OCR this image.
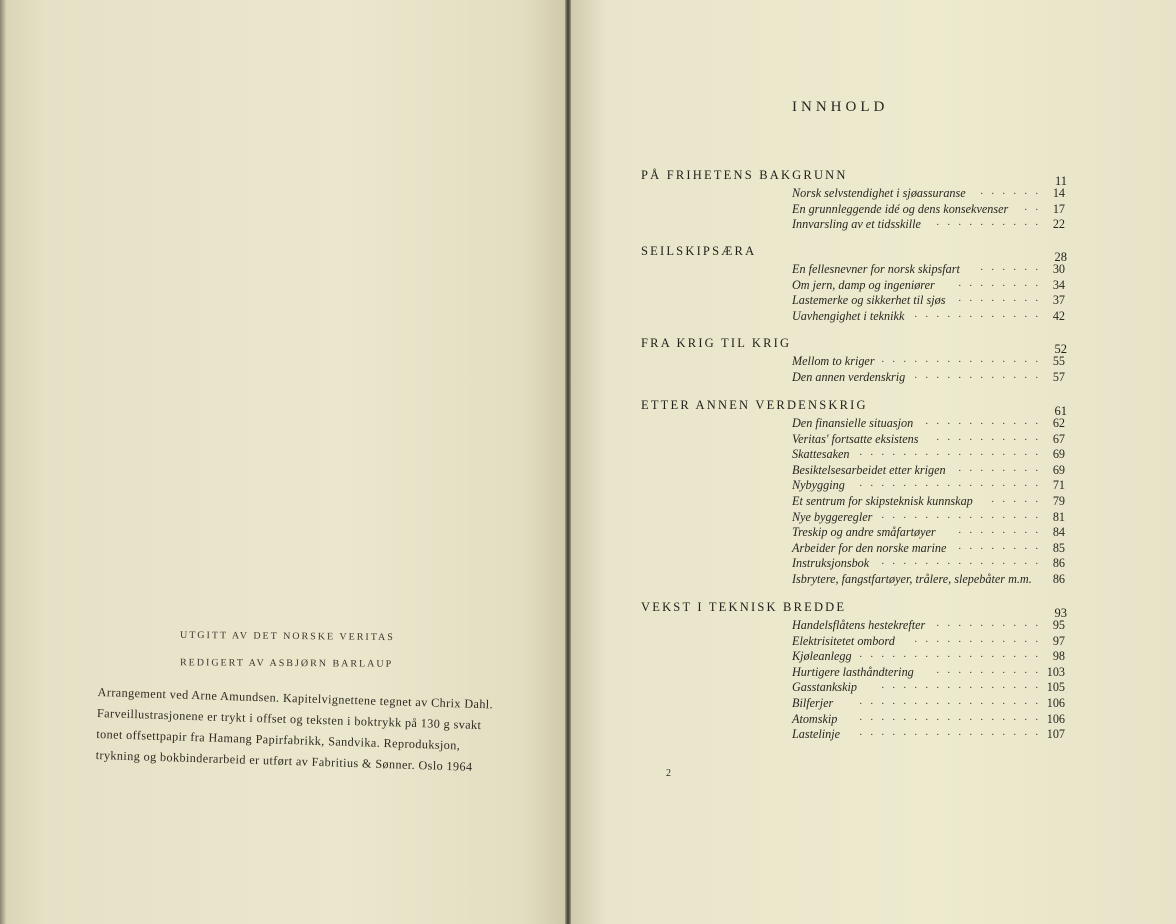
UTGITT AV DET NORSKE VERITAS
REDIGERT AV ASBJØRN BARLAUP
Arrangement ved Arne Amundsen. Kapitelvignettene tegnet av Chrix Dahl.
Farveillustrasjonene er trykt i offset og teksten i boktrykk på 130 g svakt
tonet offsettpapir fra Hamang Papirfabrikk, Sandvika. Reproduksjon,
trykning og bokbinderarbeid er utført av Fabritius & Sønner. Oslo 1964
INNHOLD
PÅ FRIHETENS BAKGRUNN	11
Norsk selvstendighet i sjøassuranse . . . . . . 14
En grunnleggende idé og dens konsekvenser . . 17
Innvarsling av et tidsskille . . . . . . . . . . 22
SEILSKIPSÆRA	28
En fellesnevner for norsk skipsfart . . . . . . 30
Om jern, damp og ingeniører . . . . . . . . 34
Lastemerke og sikkerhet til sjøs . . . . . . . . 37
Uavhengighet i teknikk . . . . . . . . . . . . 42
FRA KRIG TIL KRIG	52
Mellom to kriger . . . . . . . . . . . . . . . 55
Den annen verdenskrig . . . . . . . . . . . . 57
ETTER ANNEN VERDENSKRIG	61
Den finansielle situasjon . . . . . . . . . . . 62
Veritas' fortsatte eksistens . . . . . . . . . . 67
Skattesaken . . . . . . . . . . . . . . . . . 69
Besiktelsesarbeidet etter krigen . . . . . . . . 69
Nybygging . . . . . . . . . . . . . . . . . 71
Et sentrum for skipsteknisk kunnskap . . . . . 79
Nye byggeregler . . . . . . . . . . . . . . . 81
Treskip og andre småfartøyer . . . . . . . . 84
Arbeider for den norske marine . . . . . . . . 85
Instruksjonsbok . . . . . . . . . . . . . . . 86
Isbrytere, fangstfartøyer, trålere, slepebåter m.m. 86
VEKST I TEKNISK BREDDE	93
Handelsflåtens hestekrefter . . . . . . . . . . 95
Elektrisitetet ombord . . . . . . . . . . . . 97
Kjøleanlegg . . . . . . . . . . . . . . . . . 98
Hurtigere lasthåndtering . . . . . . . . . . 103
Gasstankskip . . . . . . . . . . . . . . . 105
Bilferjer	. . . . . . . . . . . . . . . . . 106
Atomskip . . . . . . . . . . . . . . . . . 106
Lastelinje . . . . . . . . . . . . . . . . . 107
2
